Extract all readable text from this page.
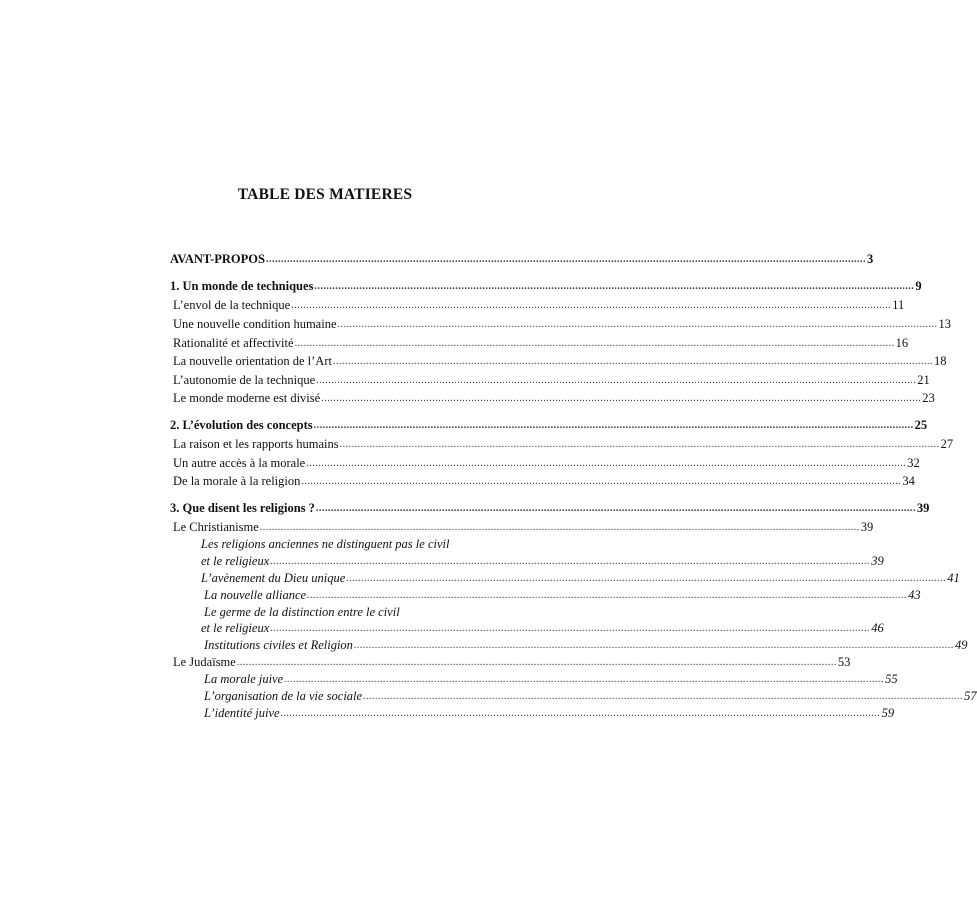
TABLE DES MATIERES
AVANT-PROPOS ........................................................................................................................................................................................................ 3
1. Un monde de techniques ........................................................................................................................................................................................................ 9
L’envol de la technique ........................................................................................................................................................................................................ 11
Une nouvelle condition humaine ........................................................................................................................................................................................................ 13
Rationalité et affectivité ........................................................................................................................................................................................................ 16
La nouvelle orientation de l’Art ........................................................................................................................................................................................................ 18
L’autonomie de la technique ........................................................................................................................................................................................................ 21
Le monde moderne est divisé ........................................................................................................................................................................................................ 23
2. L’évolution des concepts ........................................................................................................................................................................................................ 25
La raison et les rapports humains ........................................................................................................................................................................................................ 27
Un autre accès à la morale ........................................................................................................................................................................................................ 32
De la morale à la religion ........................................................................................................................................................................................................ 34
3. Que disent les religions ? ........................................................................................................................................................................................................ 39
Le Christianisme ........................................................................................................................................................................................................ 39
Les religions anciennes ne distinguent pas le civil
et le religieux ........................................................................................................................................................................................................ 39
L’avènement du Dieu unique ........................................................................................................................................................................................................ 41
La nouvelle alliance ........................................................................................................................................................................................................ 43
Le germe de la distinction entre le civil
et le religieux ........................................................................................................................................................................................................ 46
Institutions civiles et Religion ........................................................................................................................................................................................................ 49
Le Judaïsme ........................................................................................................................................................................................................ 53
La morale juive ........................................................................................................................................................................................................ 55
L’organisation de la vie sociale ........................................................................................................................................................................................................ 57
L’identité juive ........................................................................................................................................................................................................ 59
